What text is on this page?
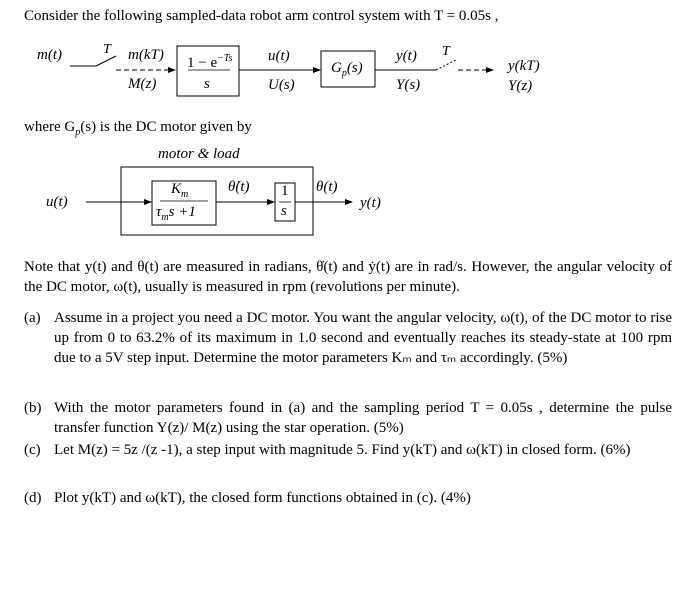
Consider the following sampled-data robot arm control system with T = 0.05s ,
m(t)	T m(kT)
M(z)
$1 - e^{-Ts}$
s
u(t)
U(s)
$G_p(s)$
y(t)
Y(s)
T
y(kT)
Y(z)
where $G_p(s)$ is the DC motor given by
motor & load
u(t)
$K_m$
$\tau_ms +1$
θ̇(t) 1
s
θ(t)
y(t)
Note that y(t) and θ(t) are measured in radians, θ̇(t) and ẏ(t) are in rad/s. However, the angular velocity of the DC motor, ω(t), usually is measured in rpm (revolutions per minute).
(a) Assume in a project you need a DC motor. You want the angular velocity, ω(t), of the DC motor to rise up from 0 to 63.2% of its maximum in 1.0 second and eventually reaches its steady-state at 100 rpm due to a 5V step input. Determine the motor parameters Kₘ and τₘ accordingly. (5%)
(b) With the motor parameters found in (a) and the sampling period T = 0.05s , determine the pulse transfer function Y(z)/ M(z) using the star operation. (5%)
(c) Let M(z) = 5z /(z -1), a step input with magnitude 5. Find y(kT) and ω(kT) in closed form. (6%)
(d) Plot y(kT) and ω(kT), the closed form functions obtained in (c). (4%)
